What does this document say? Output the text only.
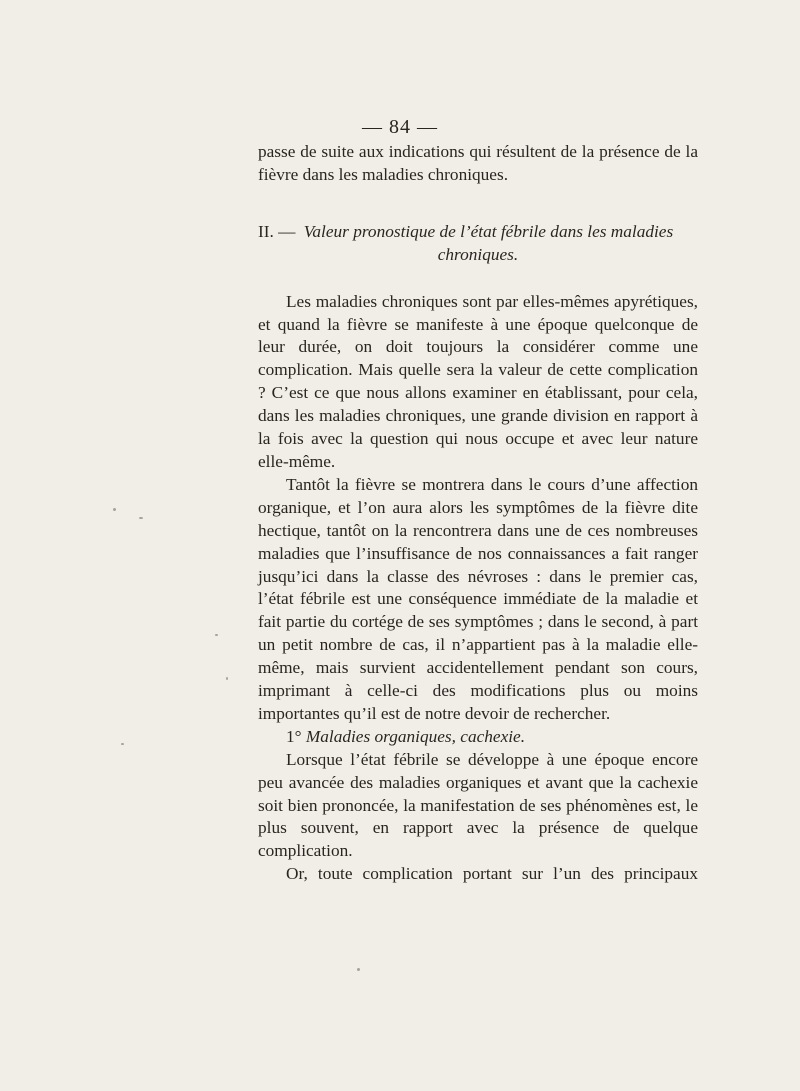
— 84 —

passe de suite aux indications qui résultent de la présence de la fièvre dans les maladies chroniques.

II. — Valeur pronostique de l’état fébrile dans les maladies
chroniques.

Les maladies chroniques sont par elles-mêmes apyrétiques, et quand la fièvre se manifeste à une époque quelconque de leur durée, on doit toujours la considérer comme une complication. Mais quelle sera la valeur de cette complication ? C’est ce que nous allons examiner en établissant, pour cela, dans les maladies chroniques, une grande division en rapport à la fois avec la question qui nous occupe et avec leur nature elle-même.

Tantôt la fièvre se montrera dans le cours d’une affection organique, et l’on aura alors les symptômes de la fièvre dite hectique, tantôt on la rencontrera dans une de ces nombreuses maladies que l’insuffisance de nos connaissances a fait ranger jusqu’ici dans la classe des névroses : dans le premier cas, l’état fébrile est une conséquence immédiate de la maladie et fait partie du cortége de ses symptômes ; dans le second, à part un petit nombre de cas, il n’appartient pas à la maladie elle-même, mais survient accidentellement pendant son cours, imprimant à celle-ci des modifications plus ou moins importantes qu’il est de notre devoir de rechercher.

1° Maladies organiques, cachexie.

Lorsque l’état fébrile se développe à une époque encore peu avancée des maladies organiques et avant que la cachexie soit bien prononcée, la manifestation de ses phénomènes est, le plus souvent, en rapport avec la présence de quelque complication.

Or, toute complication portant sur l’un des principaux
